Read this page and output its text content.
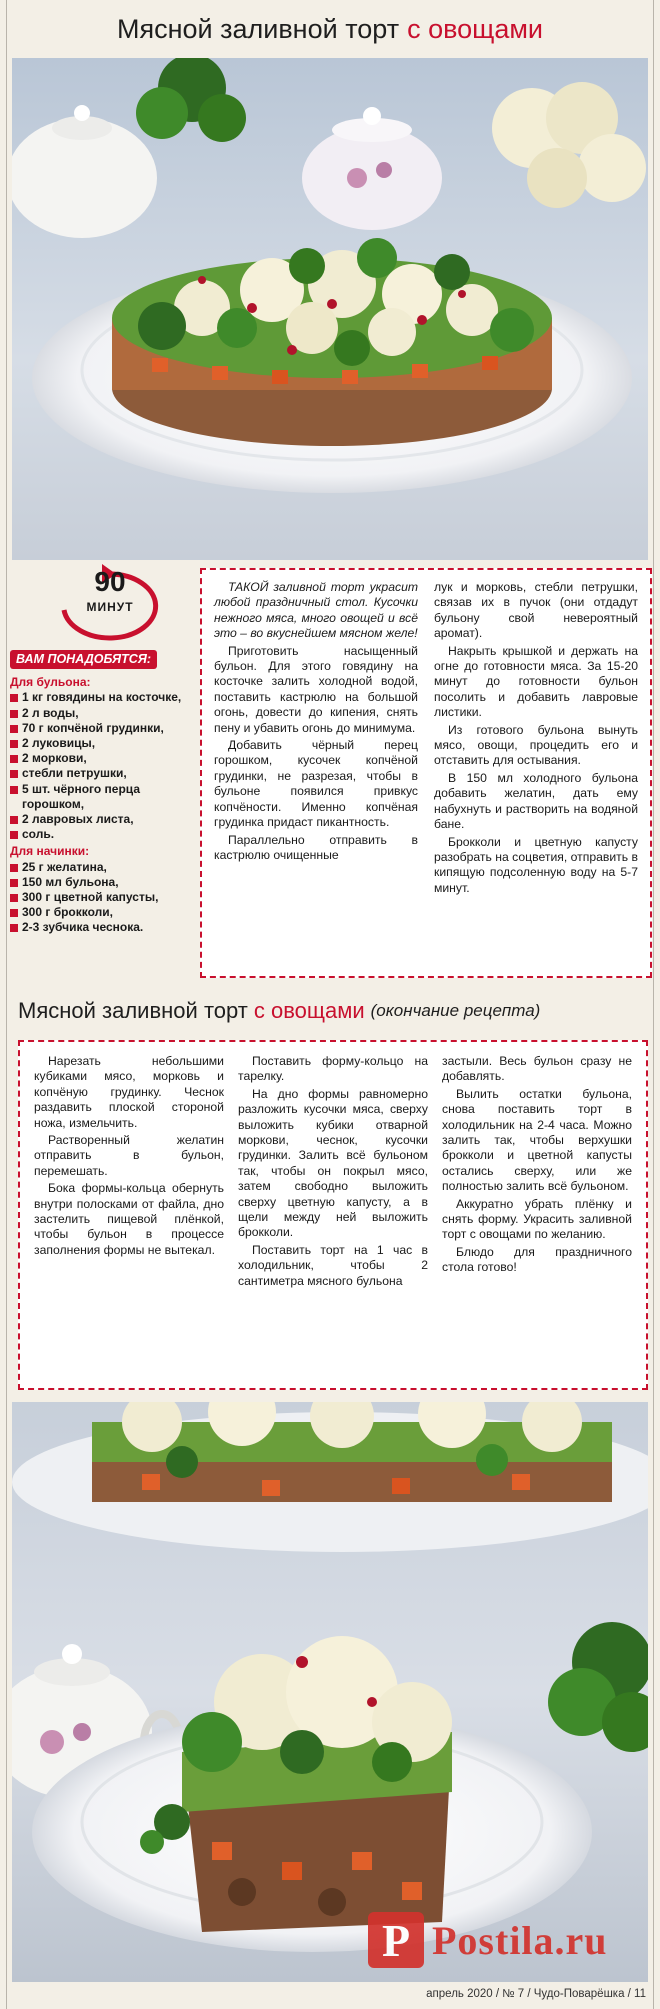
Мясной заливной торт с овощами
90
МИНУТ
ВАМ ПОНАДОБЯТСЯ:
Для бульона:
1 кг говядины на косточке,
2 л воды,
70 г копчёной грудинки,
2 луковицы,
2 моркови,
стебли петрушки,
5 шт. чёрного перца горошком,
2 лавровых листа,
соль.
Для начинки:
25 г желатина,
150 мл бульона,
300 г цветной капусты,
300 г брокколи,
2-3 зубчика чеснока.

ТАКОЙ заливной торт украсит любой праздничный стол. Кусочки нежного мяса, много овощей и всё это – во вкуснейшем мясном желе!

Приготовить насыщенный бульон. Для этого говядину на косточке залить холодной водой, поставить кастрюлю на большой огонь, довести до кипения, снять пену и убавить огонь до минимума.

Добавить чёрный перец горошком, кусочек копчёной грудинки, не разрезая, чтобы в бульоне появился привкус копчёности. Именно копчёная грудинка придаст пикантность.

Параллельно отправить в кастрюлю очищенные

лук и морковь, стебли петрушки, связав их в пучок (они отдадут бульону свой невероятный аромат).

Накрыть крышкой и держать на огне до готовности мяса. За 15-20 минут до готовности бульон посолить и добавить лавровые листики.

Из готового бульона вынуть мясо, овощи, процедить его и отставить для остывания.

В 150 мл холодного бульона добавить желатин, дать ему набухнуть и растворить на водяной бане.

Брокколи и цветную капусту разобрать на соцветия, отправить в кипящую подсоленную воду на 5-7 минут.

Мясной заливной торт с овощами (окончание рецепта)

Нарезать небольшими кубиками мясо, морковь и копчёную грудинку. Чеснок раздавить плоской стороной ножа, измельчить.

Растворенный желатин отправить в бульон, перемешать.

Бока формы-кольца обернуть внутри полосками от файла, дно застелить пищевой плёнкой, чтобы бульон в процессе заполнения формы не вытекал.

Поставить форму-кольцо на тарелку.

На дно формы равномерно разложить кусочки мяса, сверху выложить кубики отварной моркови, чеснок, кусочки грудинки. Залить всё бульоном так, чтобы он покрыл мясо, затем свободно выложить сверху цветную капусту, а в щели между ней выложить брокколи.

Поставить торт на 1 час в холодильник, чтобы 2 сантиметра мясного бульона

застыли. Весь бульон сразу не добавлять.

Вылить остатки бульона, снова поставить торт в холодильник на 2-4 часа. Можно залить так, чтобы верхушки брокколи и цветной капусты остались сверху, или же полностью залить всё бульоном.

Аккуратно убрать плёнку и снять форму. Украсить заливной торт с овощами по желанию.

Блюдо для праздничного стола готово!

P Postila.ru
апрель 2020 / № 7 / Чудо-Поварёшка / 11
